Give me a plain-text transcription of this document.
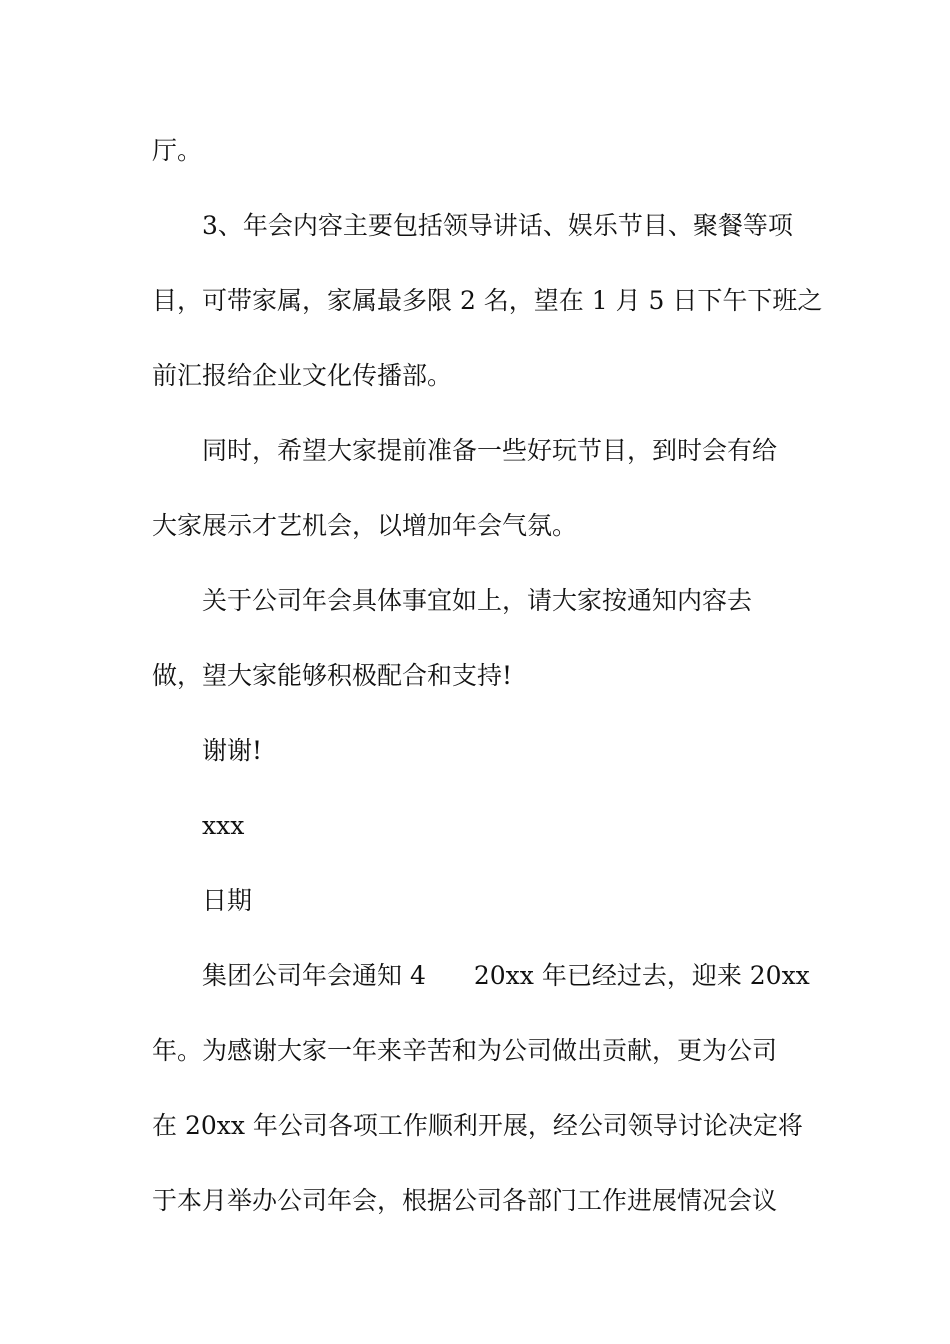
厅。
3、年会内容主要包括领导讲话、娱乐节目、聚餐等项
目，可带家属，家属最多限 2 名，望在 1 月 5 日下午下班之
前汇报给企业文化传播部。
同时，希望大家提前准备一些好玩节目，到时会有给
大家展示才艺机会，以增加年会气氛。
关于公司年会具体事宜如上，请大家按通知内容去
做，望大家能够积极配合和支持!
谢谢!
xxx
日期
集团公司年会通知 4 20xx 年已经过去，迎来 20xx
年。为感谢大家一年来辛苦和为公司做出贡献，更为公司
在 20xx 年公司各项工作顺利开展，经公司领导讨论决定将
于本月举办公司年会，根据公司各部门工作进展情况会议
